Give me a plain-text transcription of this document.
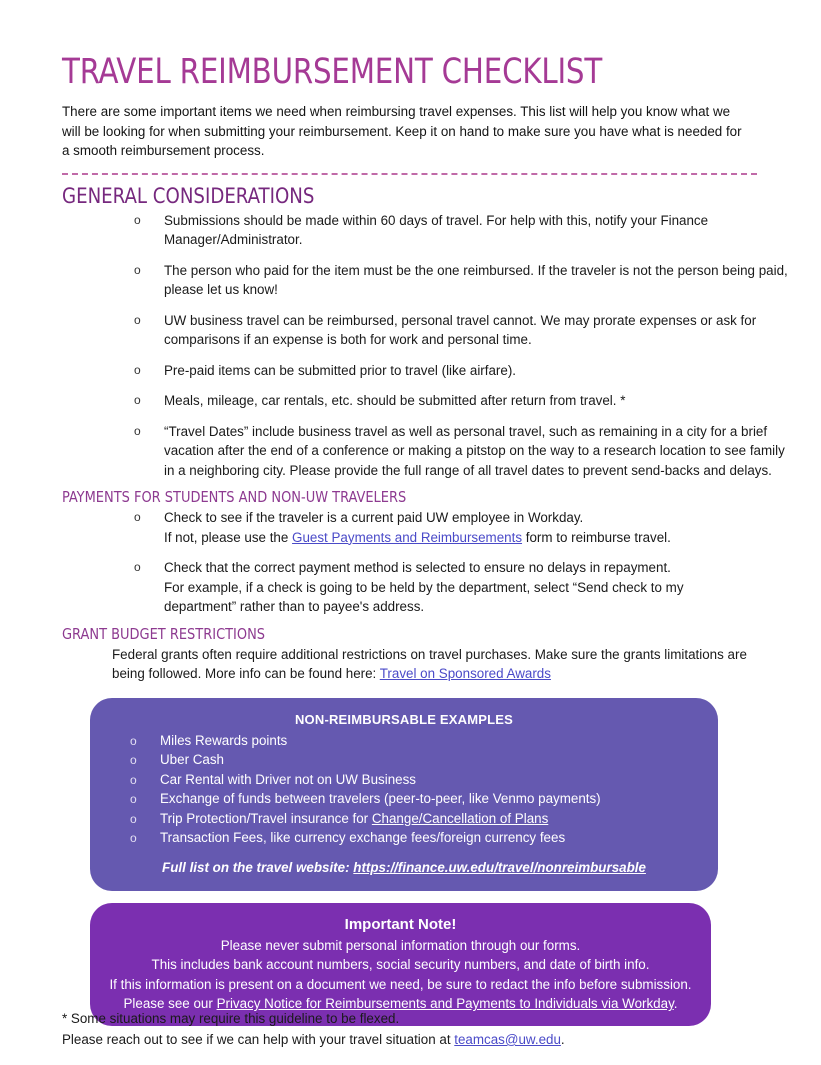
TRAVEL REIMBURSEMENT CHECKLIST

There are some important items we need when reimbursing travel expenses. This list will help you know what we will be looking for when submitting your reimbursement. Keep it on hand to make sure you have what is needed for a smooth reimbursement process.

GENERAL CONSIDERATIONS
o Submissions should be made within 60 days of travel. For help with this, notify your Finance Manager/Administrator.
o The person who paid for the item must be the one reimbursed. If the traveler is not the person being paid, please let us know!
o UW business travel can be reimbursed, personal travel cannot. We may prorate expenses or ask for comparisons if an expense is both for work and personal time.
o Pre-paid items can be submitted prior to travel (like airfare).
o Meals, mileage, car rentals, etc. should be submitted after return from travel. *
o “Travel Dates” include business travel as well as personal travel, such as remaining in a city for a brief vacation after the end of a conference or making a pitstop on the way to a research location to see family in a neighboring city. Please provide the full range of all travel dates to prevent send-backs and delays.
PAYMENTS FOR STUDENTS AND NON-UW TRAVELERS
o Check to see if the traveler is a current paid UW employee in Workday.
If not, please use the Guest Payments and Reimbursements form to reimburse travel.
o Check that the correct payment method is selected to ensure no delays in repayment.
For example, if a check is going to be held by the department, select “Send check to my
department” rather than to payee's address.
GRANT BUDGET RESTRICTIONS

Federal grants often require additional restrictions on travel purchases. Make sure the grants limitations are being followed. More info can be found here: Travel on Sponsored Awards

NON-REIMBURSABLE EXAMPLES
o Miles Rewards points
o Uber Cash
o Car Rental with Driver not on UW Business
o Exchange of funds between travelers (peer-to-peer, like Venmo payments)
o Trip Protection/Travel insurance for Change/Cancellation of Plans
o Transaction Fees, like currency exchange fees/foreign currency fees
Full list on the travel website: https://finance.uw.edu/travel/nonreimbursable
Important Note!
Please never submit personal information through our forms.
This includes bank account numbers, social security numbers, and date of birth info.
If this information is present on a document we need, be sure to redact the info before submission.
Please see our Privacy Notice for Reimbursements and Payments to Individuals via Workday.
* Some situations may require this guideline to be flexed.
Please reach out to see if we can help with your travel situation at teamcas@uw.edu.
